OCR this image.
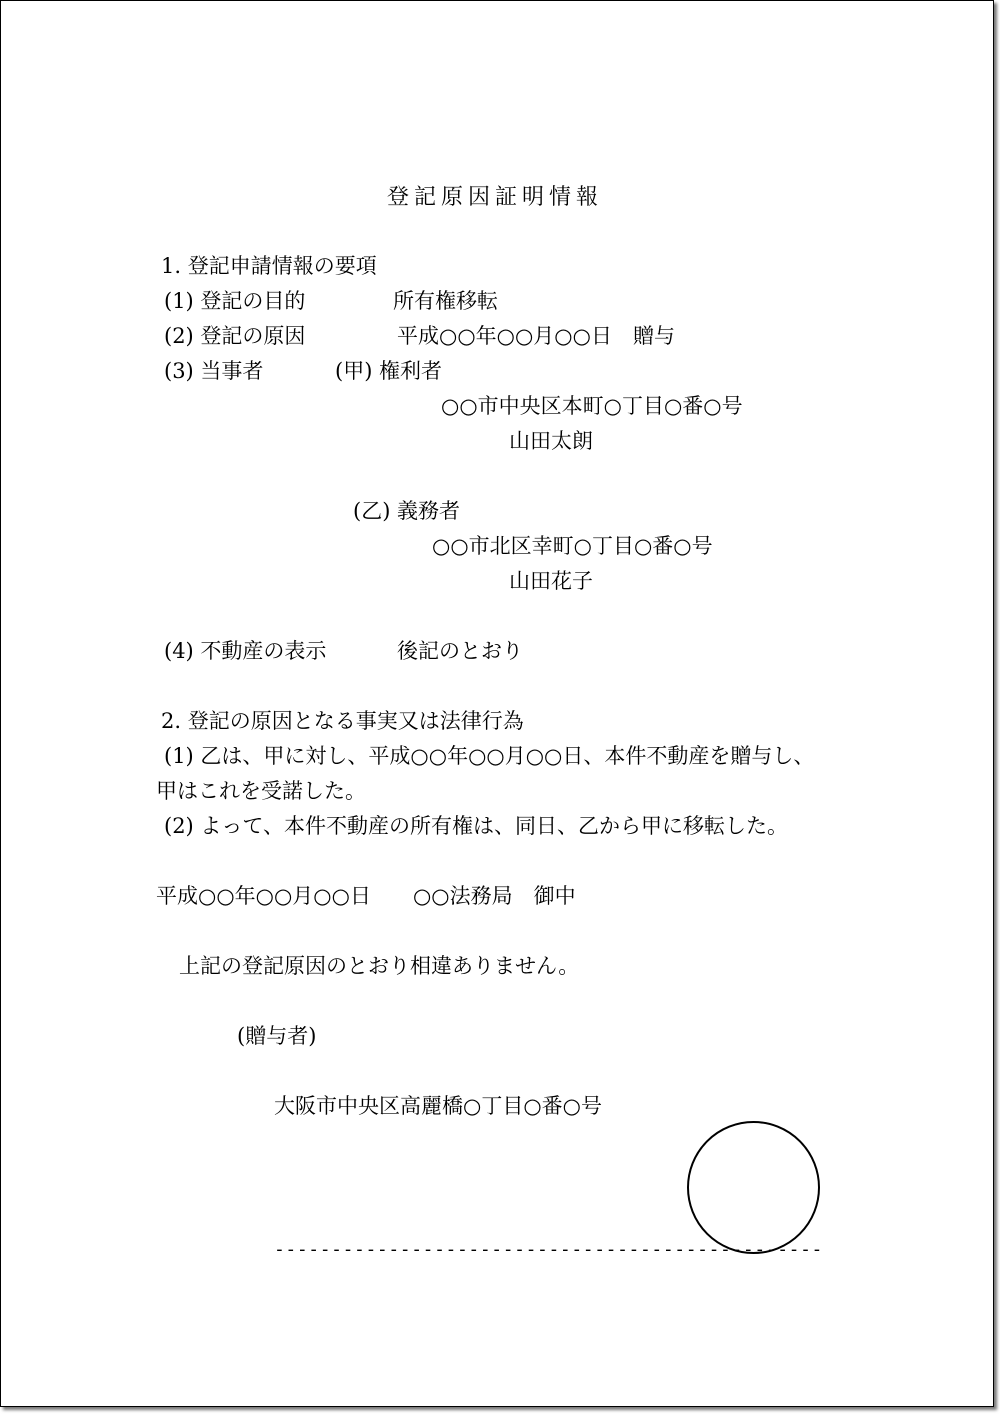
登記原因証明情報
1. 登記申請情報の要項
(1) 登記の目的	所有権移転
(2) 登記の原因	平成○○年○○月○○日　贈与
(3) 当事者	(甲) 権利者
○○市中央区本町○丁目○番○号
山田太朗
(乙) 義務者
○○市北区幸町○丁目○番○号
山田花子
(4) 不動産の表示	後記のとおり
2. 登記の原因となる事実又は法律行為
(1) 乙は、甲に対し、平成○○年○○月○○日、本件不動産を贈与し、
甲はこれを受諾した。
(2) よって、本件不動産の所有権は、同日、乙から甲に移転した。
平成○○年○○月○○日　　○○法務局　御中
上記の登記原因のとおり相違ありません。
(贈与者)
大阪市中央区高麗橋○丁目○番○号
------------------------------------------------
